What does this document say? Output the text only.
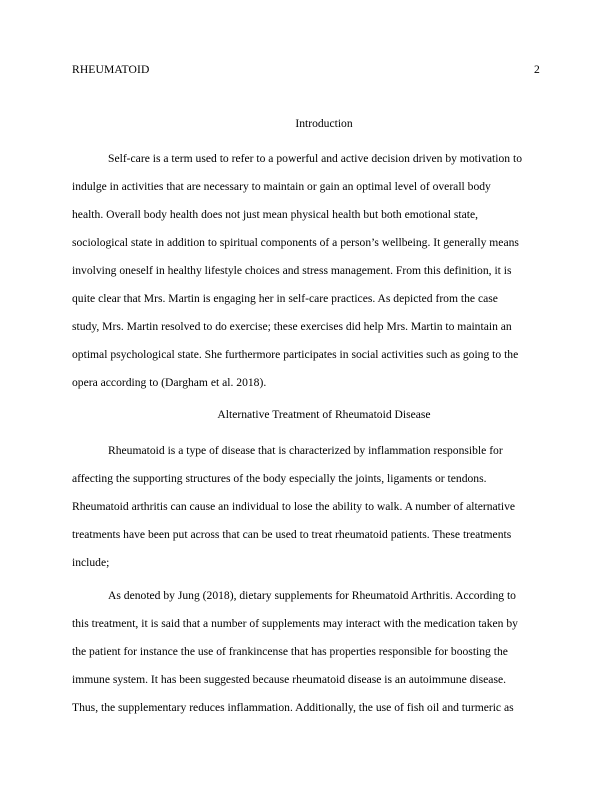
RHEUMATOID	2
Introduction
Self-care is a term used to refer to a powerful and active decision driven by motivation to
indulge in activities that are necessary to maintain or gain an optimal level of overall body
health. Overall body health does not just mean physical health but both emotional state,
sociological state in addition to spiritual components of a person’s wellbeing. It generally means
involving oneself in healthy lifestyle choices and stress management. From this definition, it is
quite clear that Mrs. Martin is engaging her in self-care practices. As depicted from the case
study, Mrs. Martin resolved to do exercise; these exercises did help Mrs. Martin to maintain an
optimal psychological state. She furthermore participates in social activities such as going to the
opera according to (Dargham et al. 2018).
Alternative Treatment of Rheumatoid Disease
Rheumatoid is a type of disease that is characterized by inflammation responsible for
affecting the supporting structures of the body especially the joints, ligaments or tendons.
Rheumatoid arthritis can cause an individual to lose the ability to walk. A number of alternative
treatments have been put across that can be used to treat rheumatoid patients. These treatments
include;
As denoted by Jung (2018), dietary supplements for Rheumatoid Arthritis. According to
this treatment, it is said that a number of supplements may interact with the medication taken by
the patient for instance the use of frankincense that has properties responsible for boosting the
immune system. It has been suggested because rheumatoid disease is an autoimmune disease.
Thus, the supplementary reduces inflammation. Additionally, the use of fish oil and turmeric as
